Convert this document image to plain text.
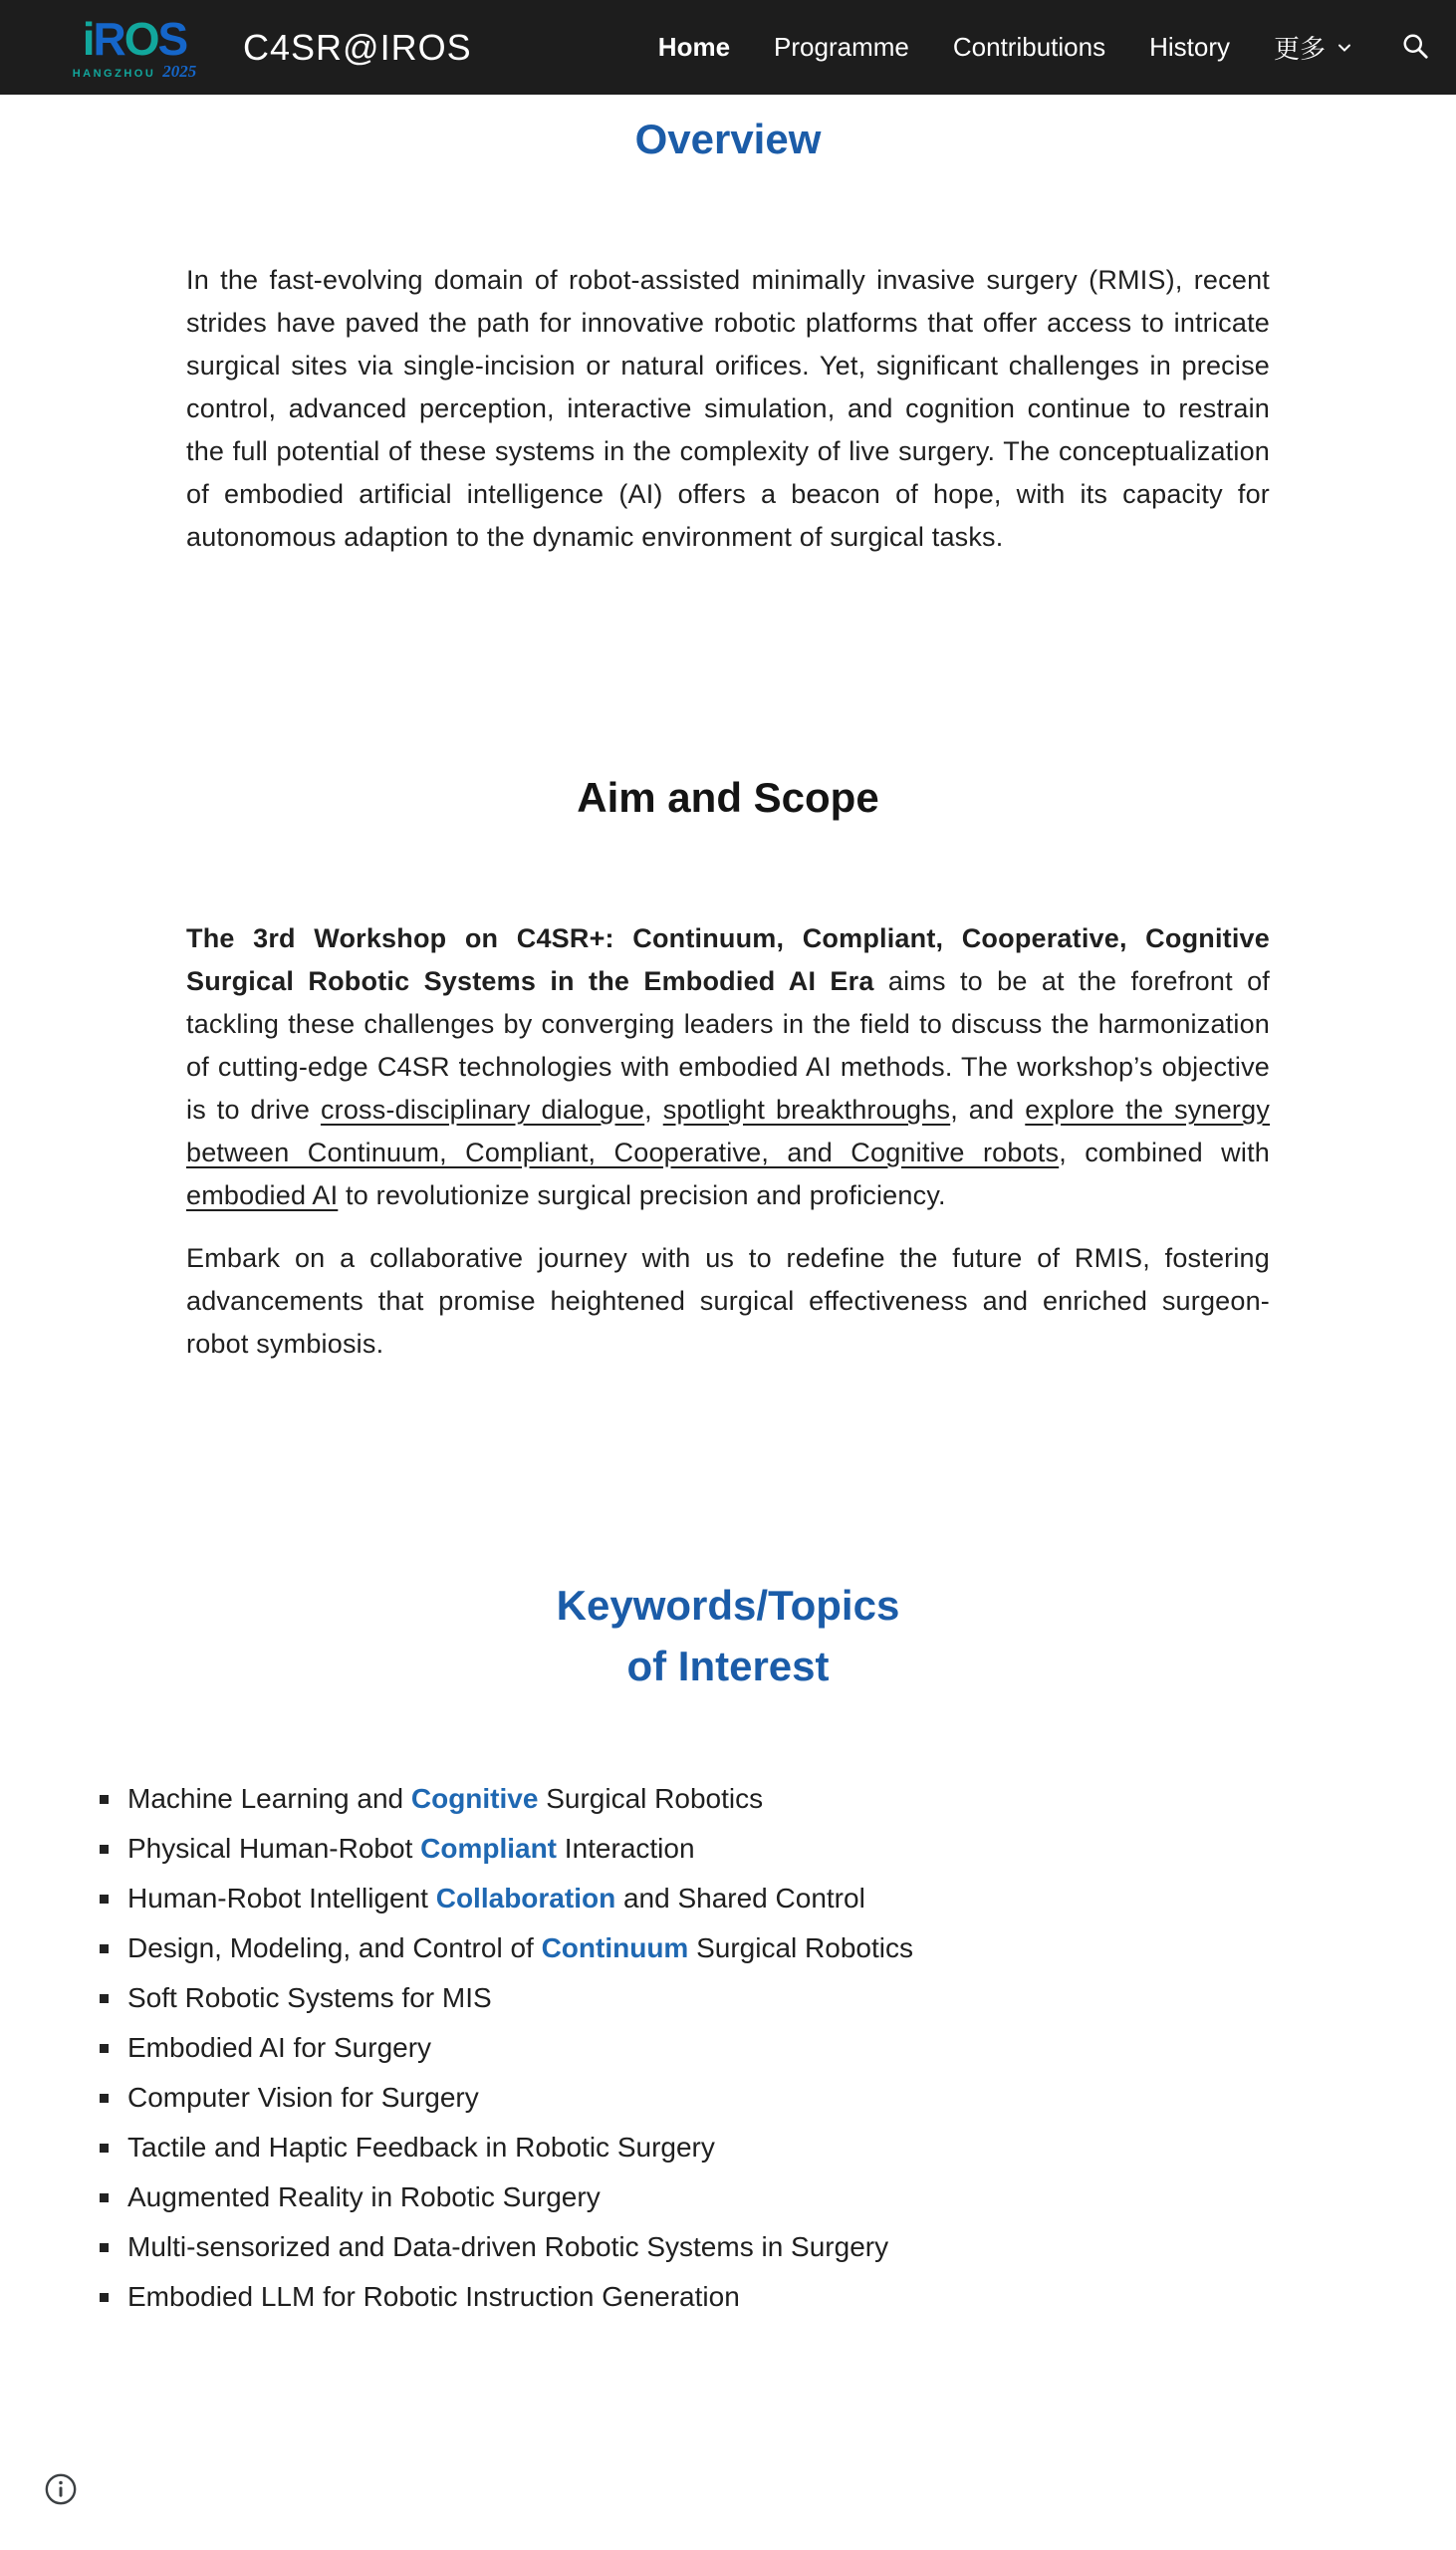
i R O S
HANGZHOU 2025
C4SR@IROS	Home Programme Contributions History 更多
Overview

In the fast-evolving domain of robot-assisted minimally invasive surgery (RMIS), recent strides have paved the path for innovative robotic platforms that offer access to intricate surgical sites via single-incision or natural orifices. Yet, significant challenges in precise control, advanced perception, interactive simulation, and cognition continue to restrain the full potential of these systems in the complexity of live surgery. The conceptualization of embodied artificial intelligence (AI) offers a beacon of hope, with its capacity for autonomous adaption to the dynamic environment of surgical tasks.

Aim and Scope

The 3rd Workshop on C4SR+: Continuum, Compliant, Cooperative, Cognitive Surgical Robotic Systems in the Embodied AI Era aims to be at the forefront of tackling these challenges by converging leaders in the field to discuss the harmonization of cutting-edge C4SR technologies with embodied AI methods. The workshop’s objective is to drive cross-disciplinary dialogue, spotlight breakthroughs, and explore the synergy between Continuum, Compliant, Cooperative, and Cognitive robots, combined with embodied AI to revolutionize surgical precision and proficiency.

Embark on a collaborative journey with us to redefine the future of RMIS, fostering advancements that promise heightened surgical effectiveness and enriched surgeon-robot symbiosis.

Keywords/Topics
of Interest
Machine Learning and Cognitive Surgical Robotics
Physical Human-Robot Compliant Interaction
Human-Robot Intelligent Collaboration and Shared Control
Design, Modeling, and Control of Continuum Surgical Robotics
Soft Robotic Systems for MIS
Embodied AI for Surgery
Computer Vision for Surgery
Tactile and Haptic Feedback in Robotic Surgery
Augmented Reality in Robotic Surgery
Multi-sensorized and Data-driven Robotic Systems in Surgery
Embodied LLM for Robotic Instruction Generation
